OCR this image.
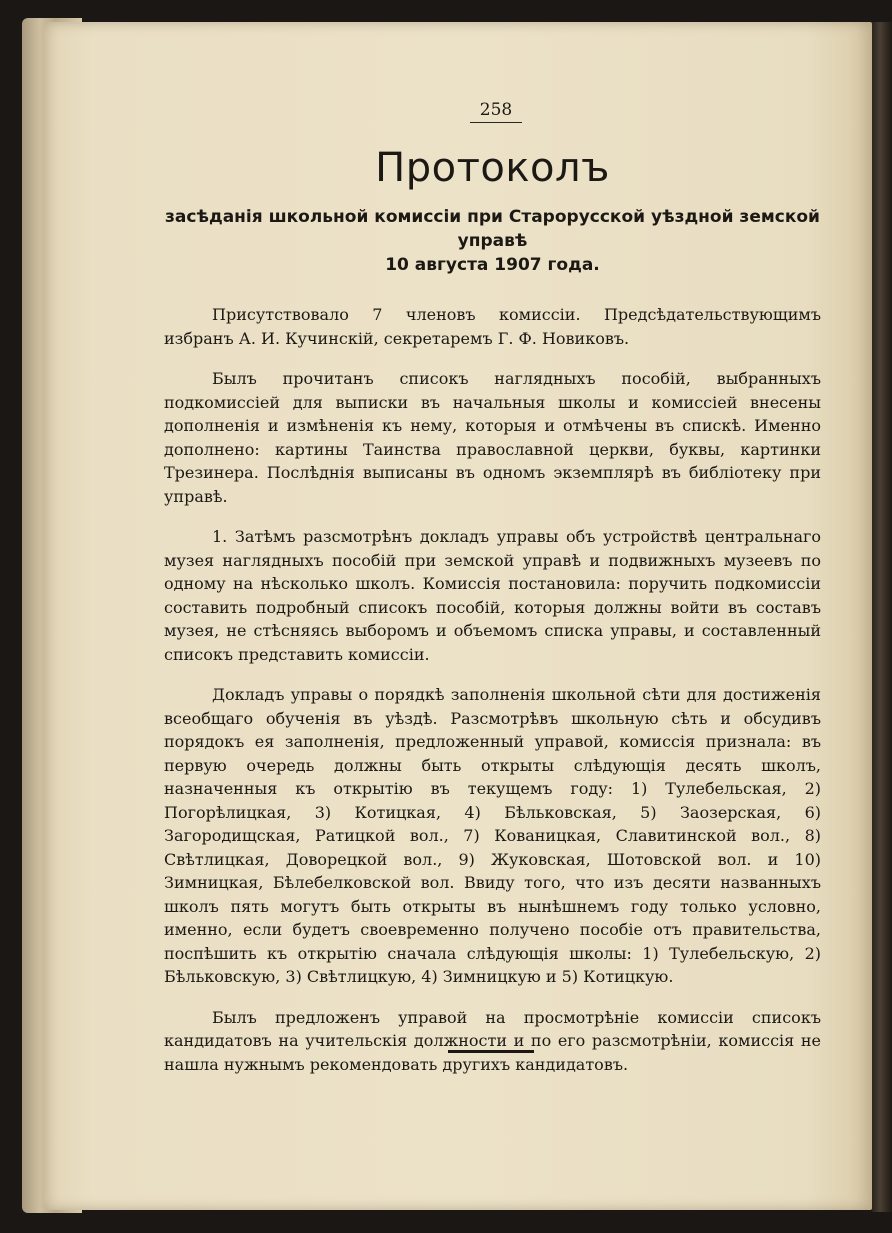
258
Протоколъ
засѣданія школьной комиссіи при Старорусской уѣздной земской управѣ
10 августа 1907 года.

Присутствовало 7 членовъ комиссіи. Предсѣдательствующимъ избранъ А. И. Кучинскій, секретаремъ Г. Ф. Новиковъ.

Былъ прочитанъ списокъ наглядныхъ пособій, выбранныхъ подкомиссіей для выписки въ начальныя школы и комиссіей внесены дополненія и измѣненія къ нему, которыя и отмѣчены въ спискѣ. Именно дополнено: картины Таинства православной церкви, буквы, картинки Трезинера. Послѣднія выписаны въ одномъ экземплярѣ въ библіотеку при управѣ.

1. Затѣмъ разсмотрѣнъ докладъ управы объ устройствѣ центральнаго музея наглядныхъ пособій при земской управѣ и подвижныхъ музеевъ по одному на нѣсколько школъ. Комиссія постановила: поручить подкомиссіи составить подробный списокъ пособій, которыя должны войти въ составъ музея, не стѣсняясь выборомъ и объемомъ списка управы, и составленный списокъ представить комиссіи.

Докладъ управы о порядкѣ заполненія школьной сѣти для достиженія всеобщаго обученія въ уѣздѣ. Разсмотрѣвъ школьную сѣть и обсудивъ порядокъ ея заполненія, предложенный управой, комиссія признала: въ первую очередь должны быть открыты слѣдующія десять школъ, назначенныя къ открытію въ текущемъ году: 1) Тулебельская, 2) Погорѣлицкая, 3) Котицкая, 4) Бѣльковская, 5) Заозерская, 6) Загородищская, Ратицкой вол., 7) Кованицкая, Славитинской вол., 8) Свѣтлицкая, Доворецкой вол., 9) Жуковская, Шотовской вол. и 10) Зимницкая, Бѣлебелковской вол. Ввиду того, что изъ десяти названныхъ школъ пять могутъ быть открыты въ нынѣшнемъ году только условно, именно, если будетъ своевременно получено пособіе отъ правительства, поспѣшить къ открытію сначала слѣдующія школы: 1) Тулебельскую, 2) Бѣльковскую, 3) Свѣтлицкую, 4) Зимницкую и 5) Котицкую.

Былъ предложенъ управой на просмотрѣніе комиссіи списокъ кандидатовъ на учительскія должности и по его разсмотрѣніи, комиссія не нашла нужнымъ рекомендовать другихъ кандидатовъ.
